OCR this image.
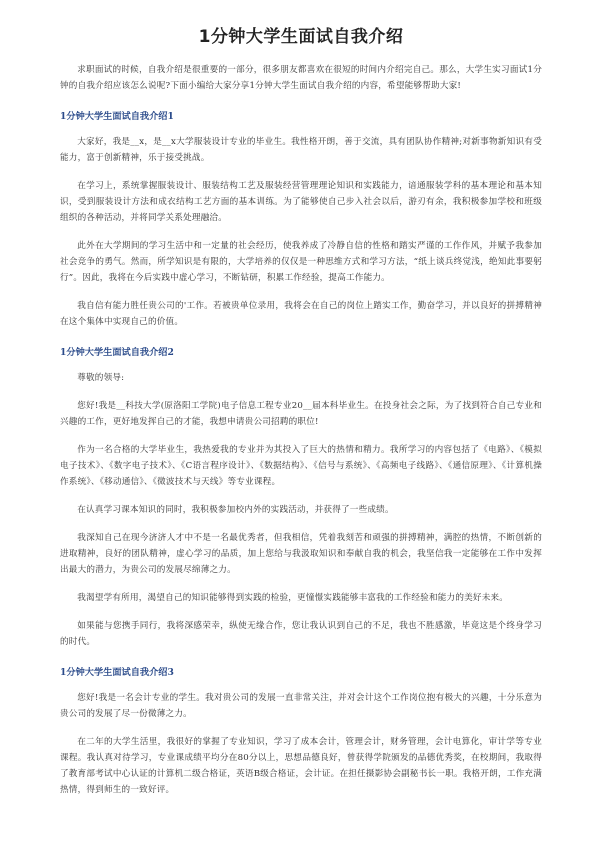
1分钟大学生面试自我介绍

求职面试的时候，自我介绍是很重要的一部分，很多朋友都喜欢在很短的时间内介绍完自己。那么，大学生实习面试1分钟的自我介绍应该怎么说呢?下面小编给大家分享1分钟大学生面试自我介绍的内容，希望能够帮助大家!

1分钟大学生面试自我介绍1

大家好，我是__x，是__x大学服装设计专业的毕业生。我性格开朗，善于交流，具有团队协作精神;对新事物新知识有受能力，富于创新精神，乐于接受挑战。

在学习上，系统掌握服装设计、服装结构工艺及服装经营管理理论知识和实践能力，谙通服装学科的基本理论和基本知识，受到服装设计方法和成衣结构工艺方面的基本训练。为了能够使自己步入社会以后，游刃有余，我积极参加学校和班级组织的各种活动，并将同学关系处理融洽。

此外在大学期间的学习生活中和一定量的社会经历，使我养成了冷静自信的性格和踏实严谨的工作作风，并赋予我参加社会竞争的勇气。然而，所学知识是有限的，大学培养的仅仅是一种思维方式和学习方法，“纸上谈兵终觉浅，绝知此事要躬行”。因此，我将在今后实践中虚心学习，不断钻研，积累工作经验，提高工作能力。

我自信有能力胜任贵公司的'工作。若被贵单位录用，我将会在自己的岗位上踏实工作，勤奋学习，并以良好的拼搏精神在这个集体中实现自己的价值。

1分钟大学生面试自我介绍2

尊敬的领导:

您好!我是__科技大学(原洛阳工学院)电子信息工程专业20__届本科毕业生。在投身社会之际，为了找到符合自己专业和兴趣的工作，更好地发挥自己的才能，我想申请贵公司招聘的职位!

作为一名合格的大学毕业生，我热爱我的专业并为其投入了巨大的热情和精力。我所学习的内容包括了《电路》、《模拟电子技术》、《数字电子技术》、《C语言程序设计》、《数据结构》、《信号与系统》、《高频电子线路》、《通信原理》、《计算机操作系统》、《移动通信》、《微波技术与天线》等专业课程。

在认真学习课本知识的同时，我积极参加校内外的实践活动，并获得了一些成绩。

我深知自己在现今济济人才中不是一名最优秀者，但我相信，凭着我刻苦和顽强的拼搏精神，满腔的热情，不断创新的进取精神，良好的团队精神，虚心学习的品质，加上您给与我汲取知识和奉献自我的机会，我坚信我一定能够在工作中发挥出最大的潜力，为贵公司的发展尽绵薄之力。

我渴望学有所用，渴望自己的知识能够得到实践的检验，更憧憬实践能够丰富我的工作经验和能力的美好未来。

如果能与您携手同行，我将深感荣幸，纵使无缘合作，您让我认识到自己的不足，我也不胜感激，毕竟这是个终身学习的时代。

1分钟大学生面试自我介绍3

您好!我是一名会计专业的学生。我对贵公司的发展一直非常关注，并对会计这个工作岗位抱有极大的兴趣，十分乐意为贵公司的发展了尽一份微薄之力。

在二年的大学生活里，我很好的掌握了专业知识，学习了成本会计，管理会计，财务管理，会计电算化，审计学等专业课程。我认真对待学习，专业课成绩平均分在80分以上，思想品德良好，曾获得学院颁发的品德优秀奖，在校期间，我取得了教育部考试中心认证的计算机二级合格证，英语B级合格证，会计证。在担任摄影协会副秘书长一职。我格开朗，工作充满热情，得到师生的一致好评。
